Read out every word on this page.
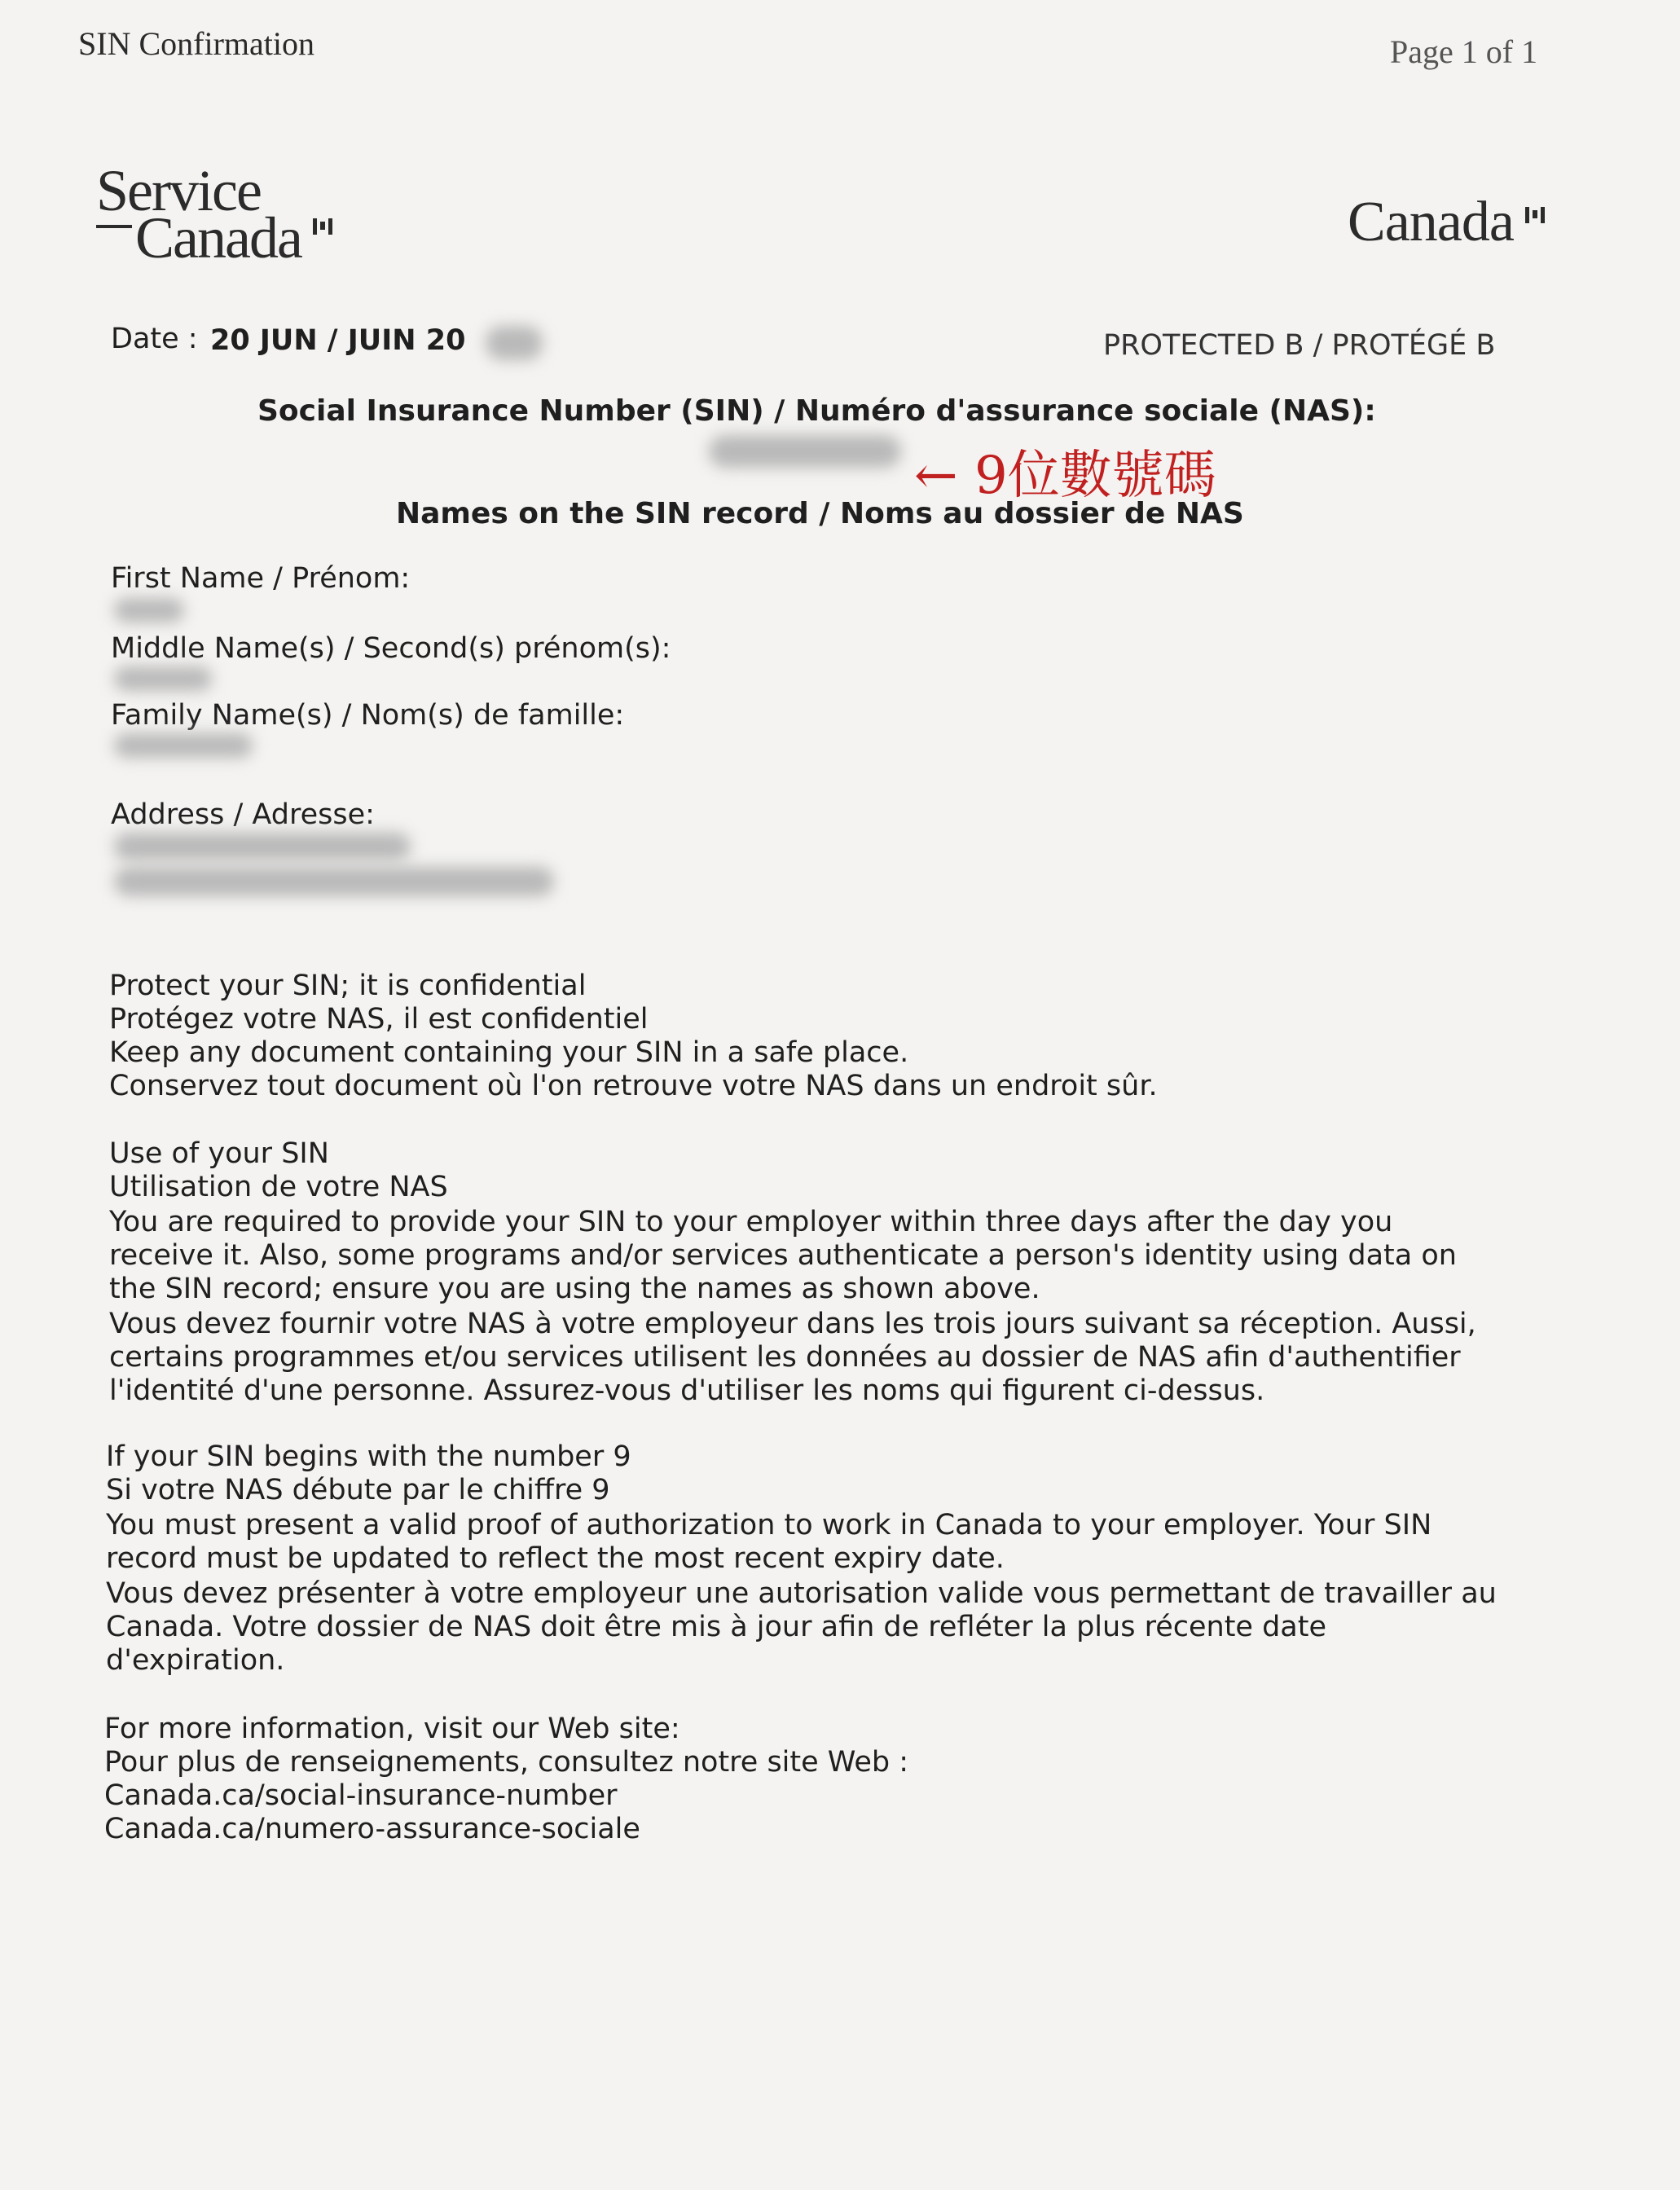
SIN Confirmation	Page 1 of 1
Service
Canada	Canada
Date : 20 JUN / JUIN 20	PROTECTED B / PROTÉGÉ B
Social Insurance Number (SIN) / Numéro d'assurance sociale (NAS):
← 9位數號碼
Names on the SIN record / Noms au dossier de NAS
First Name / Prénom:
Middle Name(s) / Second(s) prénom(s):
Family Name(s) / Nom(s) de famille:
Address / Adresse:
Protect your SIN; it is confidential
Protégez votre NAS, il est confidentiel
Keep any document containing your SIN in a safe place.
Conservez tout document où l'on retrouve votre NAS dans un endroit sûr.
Use of your SIN
Utilisation de votre NAS
You are required to provide your SIN to your employer within three days after the day you
receive it. Also, some programs and/or services authenticate a person's identity using data on
the SIN record; ensure you are using the names as shown above.
Vous devez fournir votre NAS à votre employeur dans les trois jours suivant sa réception. Aussi,
certains programmes et/ou services utilisent les données au dossier de NAS afin d'authentifier
l'identité d'une personne. Assurez-vous d'utiliser les noms qui figurent ci-dessus.
If your SIN begins with the number 9
Si votre NAS débute par le chiffre 9
You must present a valid proof of authorization to work in Canada to your employer. Your SIN
record must be updated to reflect the most recent expiry date.
Vous devez présenter à votre employeur une autorisation valide vous permettant de travailler au
Canada. Votre dossier de NAS doit être mis à jour afin de refléter la plus récente date
d'expiration.
For more information, visit our Web site:
Pour plus de renseignements, consultez notre site Web :
Canada.ca/social-insurance-number
Canada.ca/numero-assurance-sociale
